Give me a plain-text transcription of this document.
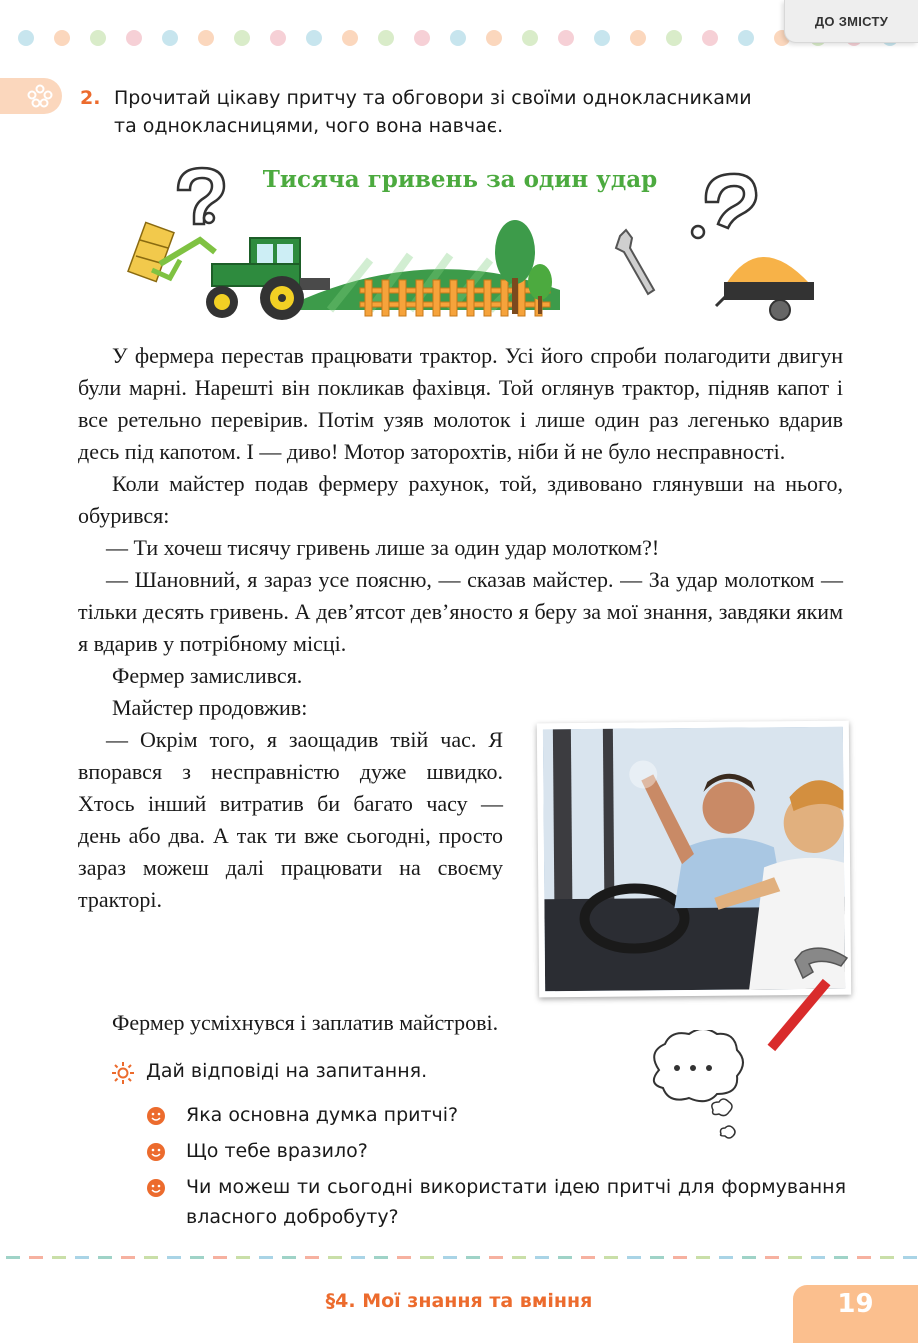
ДО ЗМІСТУ
2. Прочитай цікаву притчу та обговори зі своїми однокласниками
та однокласницями, чого вона навчає.
Тисяча гривень за один удар

У фермера перестав працювати трактор. Усі його спроби полагодити двигун були марні. Нарешті він покликав фахівця. Той оглянув трактор, підняв капот і все ретельно перевірив. Потім узяв молоток і лише один раз легенько вдарив десь під капотом. І — диво! Мотор заторохтів, ніби й не було несправності.

Коли майстер подав фермеру рахунок, той, здивовано глянувши на нього, обурився:

— Ти хочеш тисячу гривень лише за один удар молотком?!

— Шановний, я зараз усе поясню, — сказав майстер. — За удар молотком — тільки десять гривень. А дев’ятсот дев’яносто я беру за мої знання, завдяки яким я вдарив у потрібному місці.

Фермер замислився.

Майстер продовжив:

— Окрім того, я заощадив твій час. Я впорався з несправністю дуже швидко. Хтось інший витратив би багато часу — день або два. А так ти вже сьогодні, просто зараз можеш далі працювати на своєму тракторі.

Фермер усміхнувся і заплатив майстрові.
Дай відповіді на запитання.
Яка основна думка притчі?
Що тебе вразило?
Чи можеш ти сьогодні використати ідею притчі для формування власного добробуту?
§4. Мої знання та вміння	19
